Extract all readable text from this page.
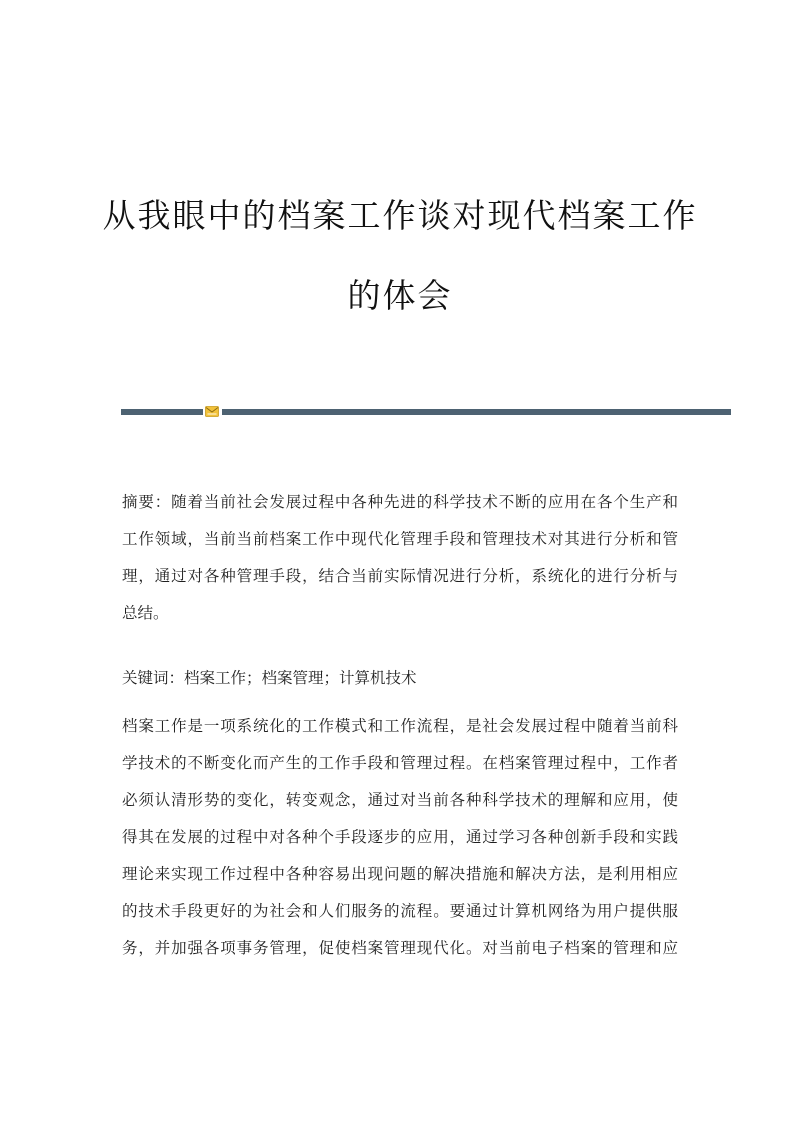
从我眼中的档案工作谈对现代档案工作
的体会
摘要：随着当前社会发展过程中各种先进的科学技术不断的应用在各个生产和
工作领域，当前当前档案工作中现代化管理手段和管理技术对其进行分析和管
理，通过对各种管理手段，结合当前实际情况进行分析，系统化的进行分析与
总结。
关键词：档案工作；档案管理；计算机技术
档案工作是一项系统化的工作模式和工作流程，是社会发展过程中随着当前科
学技术的不断变化而产生的工作手段和管理过程。在档案管理过程中，工作者
必须认清形势的变化，转变观念，通过对当前各种科学技术的理解和应用，使
得其在发展的过程中对各种个手段逐步的应用，通过学习各种创新手段和实践
理论来实现工作过程中各种容易出现问题的解决措施和解决方法，是利用相应
的技术手段更好的为社会和人们服务的流程。要通过计算机网络为用户提供服
务，并加强各项事务管理，促使档案管理现代化。对当前电子档案的管理和应
